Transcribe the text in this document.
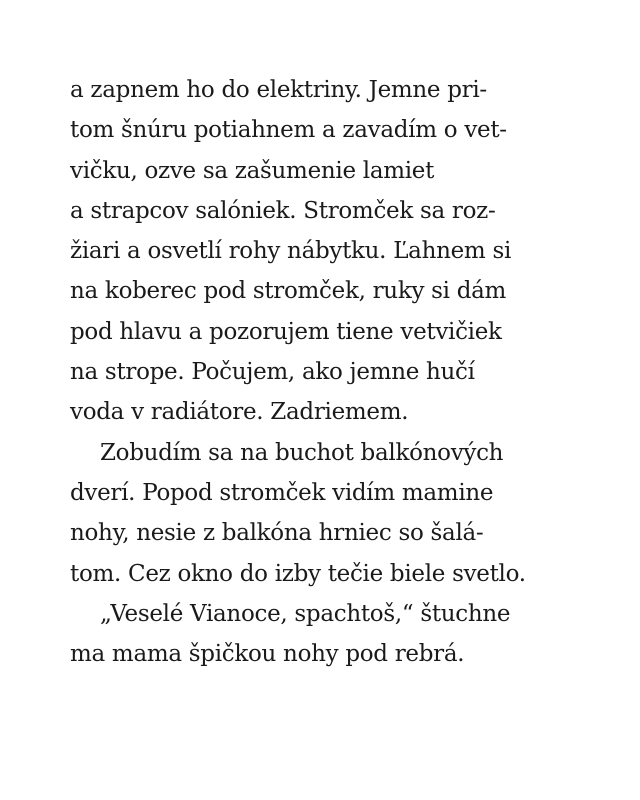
a zapnem ho do elektriny. Jemne pri-
tom šnúru potiahnem a zavadím o vet-
vičku, ozve sa zašumenie lamiet
a strapcov salóniek. Stromček sa roz-
žiari a osvetlí rohy nábytku. Ľahnem si
na koberec pod stromček, ruky si dám
pod hlavu a pozorujem tiene vetvičiek
na strope. Počujem, ako jemne hučí
voda v radiátore. Zadriemem.
Zobudím sa na buchot balkónových
dverí. Popod stromček vidím mamine
nohy, nesie z balkóna hrniec so šalá-
tom. Cez okno do izby tečie biele svetlo.
„Veselé Vianoce, spachtoš,“ štuchne
ma mama špičkou nohy pod rebrá.
